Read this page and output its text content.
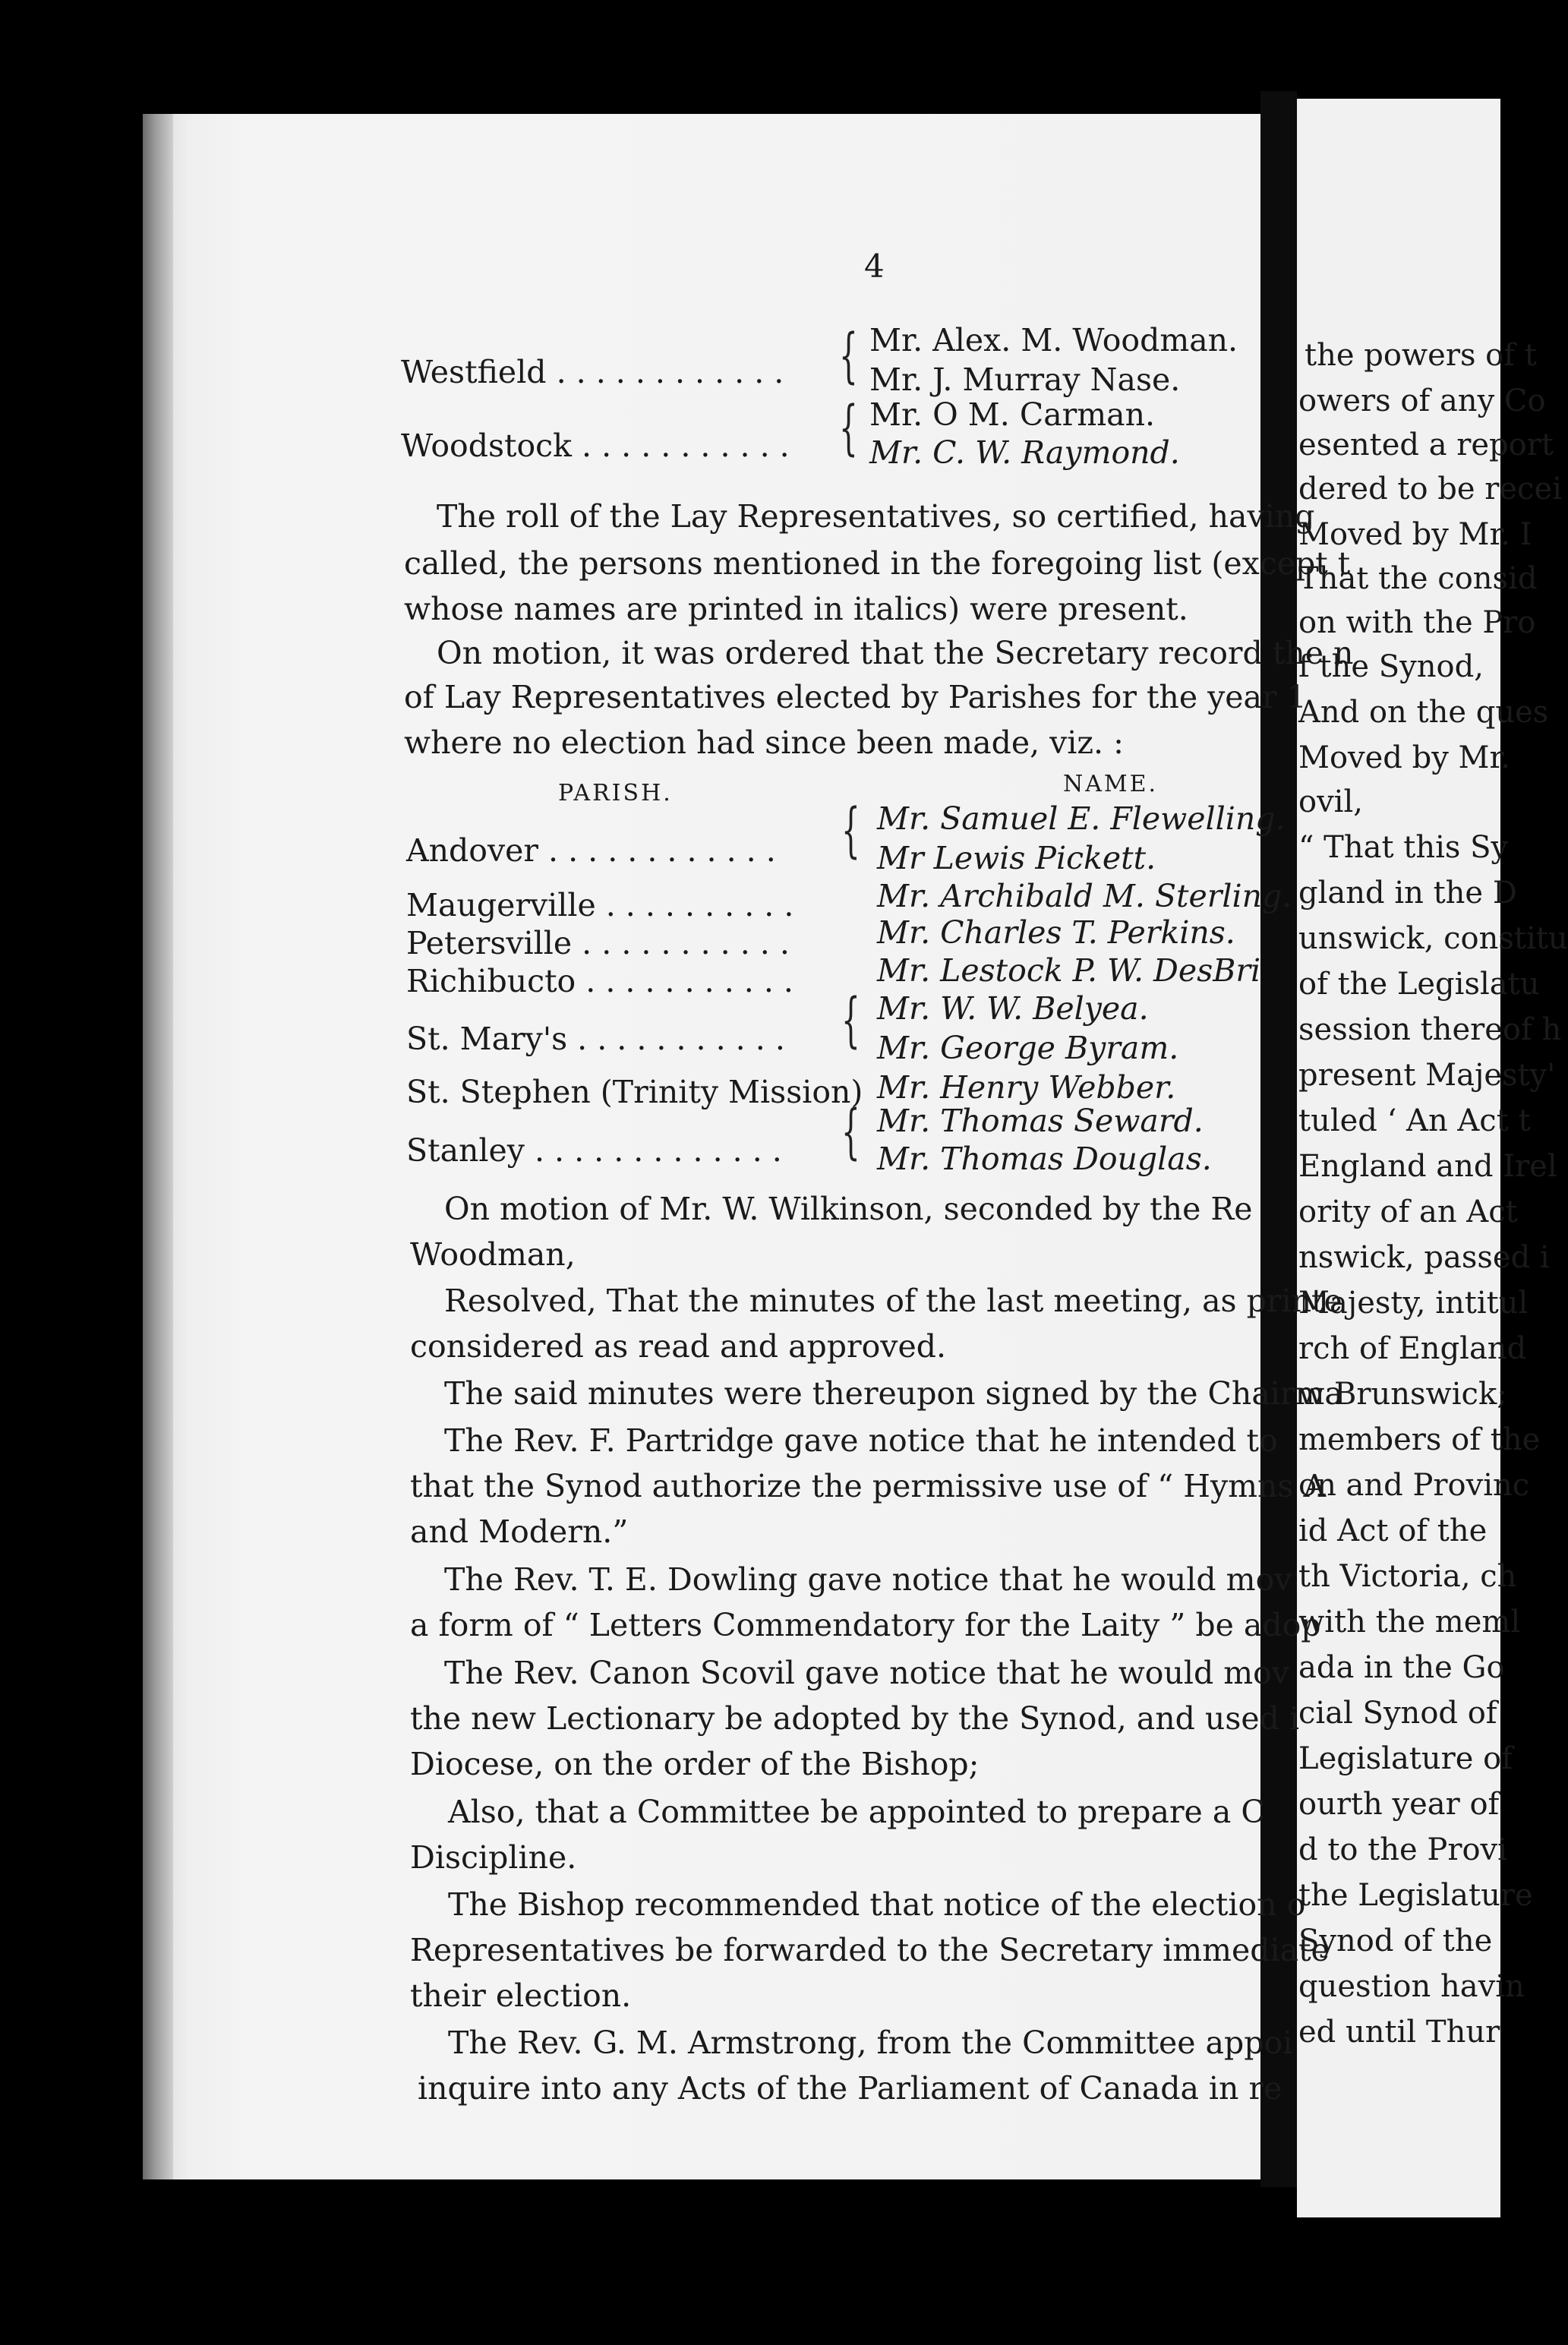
4
Westfield . . . . . . . . . . . . { Mr. Alex. M. Woodman.
Mr. J. Murray Nase.
Woodstock . . . . . . . . . . . { Mr. O M. Carman.
Mr. C. W. Raymond.
The roll of the Lay Representatives, so certified, having
called, the persons mentioned in the foregoing list (except t
whose names are printed in italics) were present.
On motion, it was ordered that the Secretary record the n
of Lay Representatives elected by Parishes for the year 1
where no election had since been made, viz. :
PARISH.	NAME.
Andover . . . . . . . . . . . . { Mr. Samuel E. Flewelling.
Mr Lewis Pickett.
Maugerville . . . . . . . . . .	Mr. Archibald M. Sterling.
Petersville . . . . . . . . . . .	Mr. Charles T. Perkins.
Richibucto . . . . . . . . . . .	Mr. Lestock P. W. DesBri
St. Mary's . . . . . . . . . . . { Mr. W. W. Belyea.
Mr. George Byram.
St. Stephen (Trinity Mission) Mr. Henry Webber.
Stanley . . . . . . . . . . . . . { Mr. Thomas Seward.
Mr. Thomas Douglas.
On motion of Mr. W. Wilkinson, seconded by the Re
Woodman,
Resolved, That the minutes of the last meeting, as printe
considered as read and approved.
The said minutes were thereupon signed by the Chairma
The Rev. F. Partridge gave notice that he intended to
that the Synod authorize the permissive use of “ Hymns A
and Modern.”
The Rev. T. E. Dowling gave notice that he would mov
a form of “ Letters Commendatory for the Laity ” be adop
The Rev. Canon Scovil gave notice that he would mov
the new Lectionary be adopted by the Synod, and used i
Diocese, on the order of the Bishop;
Also, that a Committee be appointed to prepare a C
Discipline.
The Bishop recommended that notice of the election o
Representatives be forwarded to the Secretary immediate
their election.
The Rev. G. M. Armstrong, from the Committee appoi
inquire into any Acts of the Parliament of Canada in re
the powers of t
owers of any Co
esented a report
dered to be recei
Moved by Mr. I
That the consid
on with the Pro
f the Synod,
And on the ques
Moved by Mr.
ovil,
“ That this Sy
gland in the D
unswick, constitu
of the Legislatu
session thereof h
present Majesty'
tuled ‘ An Act t
England and Irel
ority of an Act
nswick, passed i
Majesty, intitul
rch of England
w Brunswick;
members of the
on and Provinc
id Act of the
th Victoria, ch
with the meml
ada in the Go
cial Synod of
Legislature of
ourth year of
d to the Provi
the Legislature
Synod of the
question havin
ed until Thur
